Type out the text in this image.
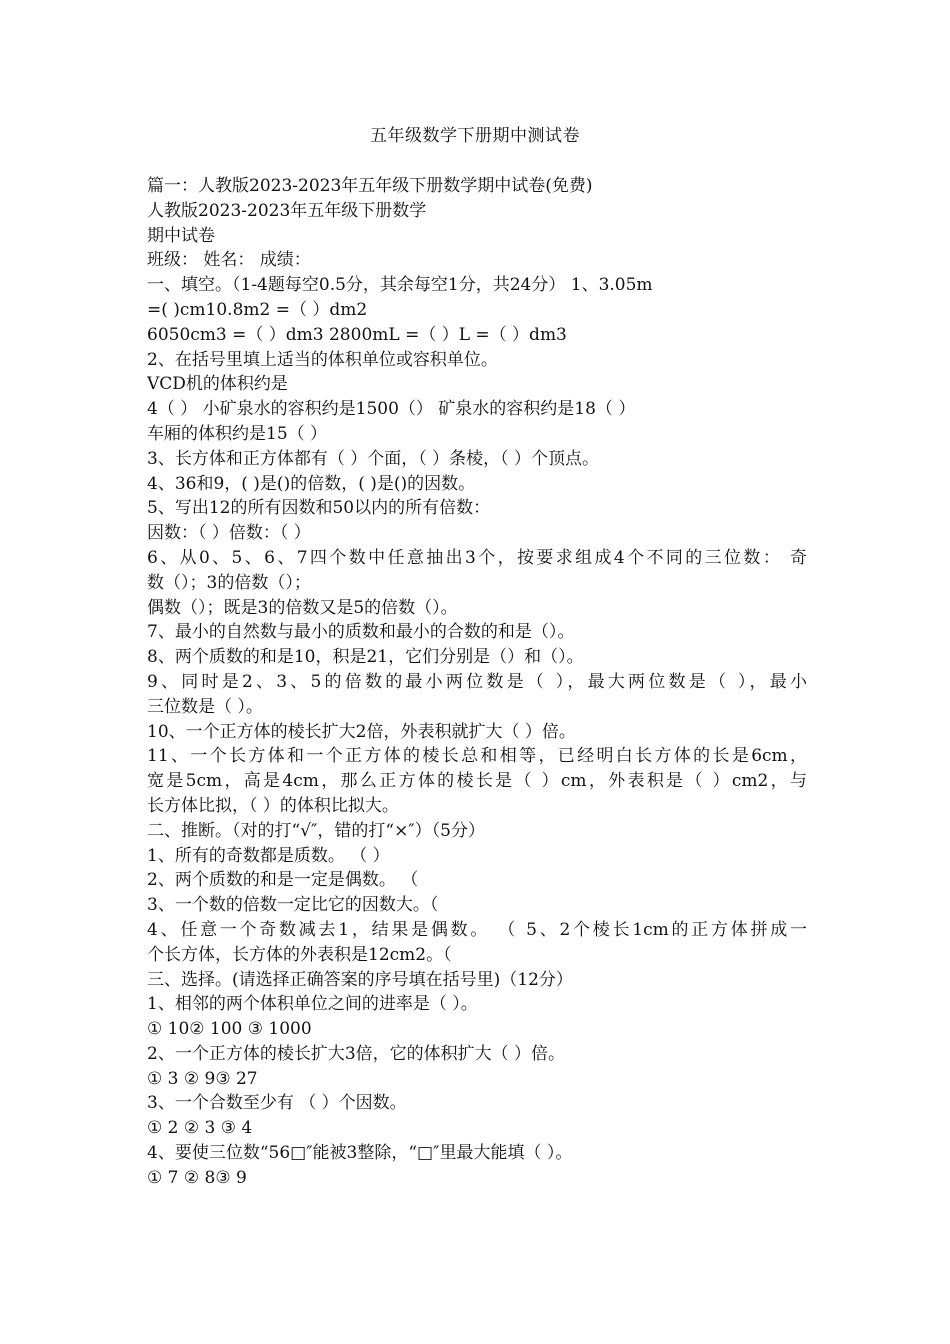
五年级数学下册期中测试卷
篇一：人教版2023-2023年五年级下册数学期中试卷(免费)
人教版2023-2023年五年级下册数学
期中试卷
班级： 姓名： 成绩：
一、填空。（1-4题每空0.5分，其余每空1分，共24分） 1、3.05m
=( )cm10.8m2 =（ ）dm2
6050cm3 =（ ）dm3 2800mL =（ ）L =（ ）dm3
2、在括号里填上适当的体积单位或容积单位。
VCD机的体积约是
4（ ） 小矿泉水的容积约是1500（） 矿泉水的容积约是18（ ）
车厢的体积约是15（ ）
3、长方体和正方体都有（ ）个面，（ ）条棱，（ ）个顶点。
4、36和9，( )是()的倍数，( )是()的因数。
5、写出12的所有因数和50以内的所有倍数：
因数：（ ）倍数：（ ）
6、从0、5、6、7四个数中任意抽出3个，按要求组成4个不同的三位数： 奇
数（）；3的倍数（）；
偶数（）；既是3的倍数又是5的倍数（）。
7、最小的自然数与最小的质数和最小的合数的和是（）。
8、两个质数的和是10，积是21，它们分别是（）和（）。
9、同时是2、3、5的倍数的最小两位数是（ ），最大两位数是（ ），最小
三位数是（ ）。
10、一个正方体的棱长扩大2倍，外表积就扩大（ ）倍。
11、一个长方体和一个正方体的棱长总和相等，已经明白长方体的长是6cm，
宽是5cm，高是4cm，那么正方体的棱长是（ ）cm，外表积是（ ）cm2，与
长方体比拟，（ ）的体积比拟大。
二、推断。（对的打“√″，错的打“×″）（5分）
1、所有的奇数都是质数。 （ ）
2、两个质数的和是一定是偶数。 （
3、一个数的倍数一定比它的因数大。（
4、任意一个奇数减去1，结果是偶数。 （ 5、2个棱长1cm的正方体拼成一
个长方体，长方体的外表积是12cm2。（
三、选择。(请选择正确答案的序号填在括号里)（12分）
1、相邻的两个体积单位之间的进率是（ ）。
① 10② 100 ③ 1000
2、一个正方体的棱长扩大3倍，它的体积扩大（ ）倍。
① 3 ② 9③ 27
3、一个合数至少有 （ ）个因数。
① 2 ② 3 ③ 4
4、要使三位数“56□″能被3整除，“□″里最大能填（ ）。
① 7 ② 8③ 9
